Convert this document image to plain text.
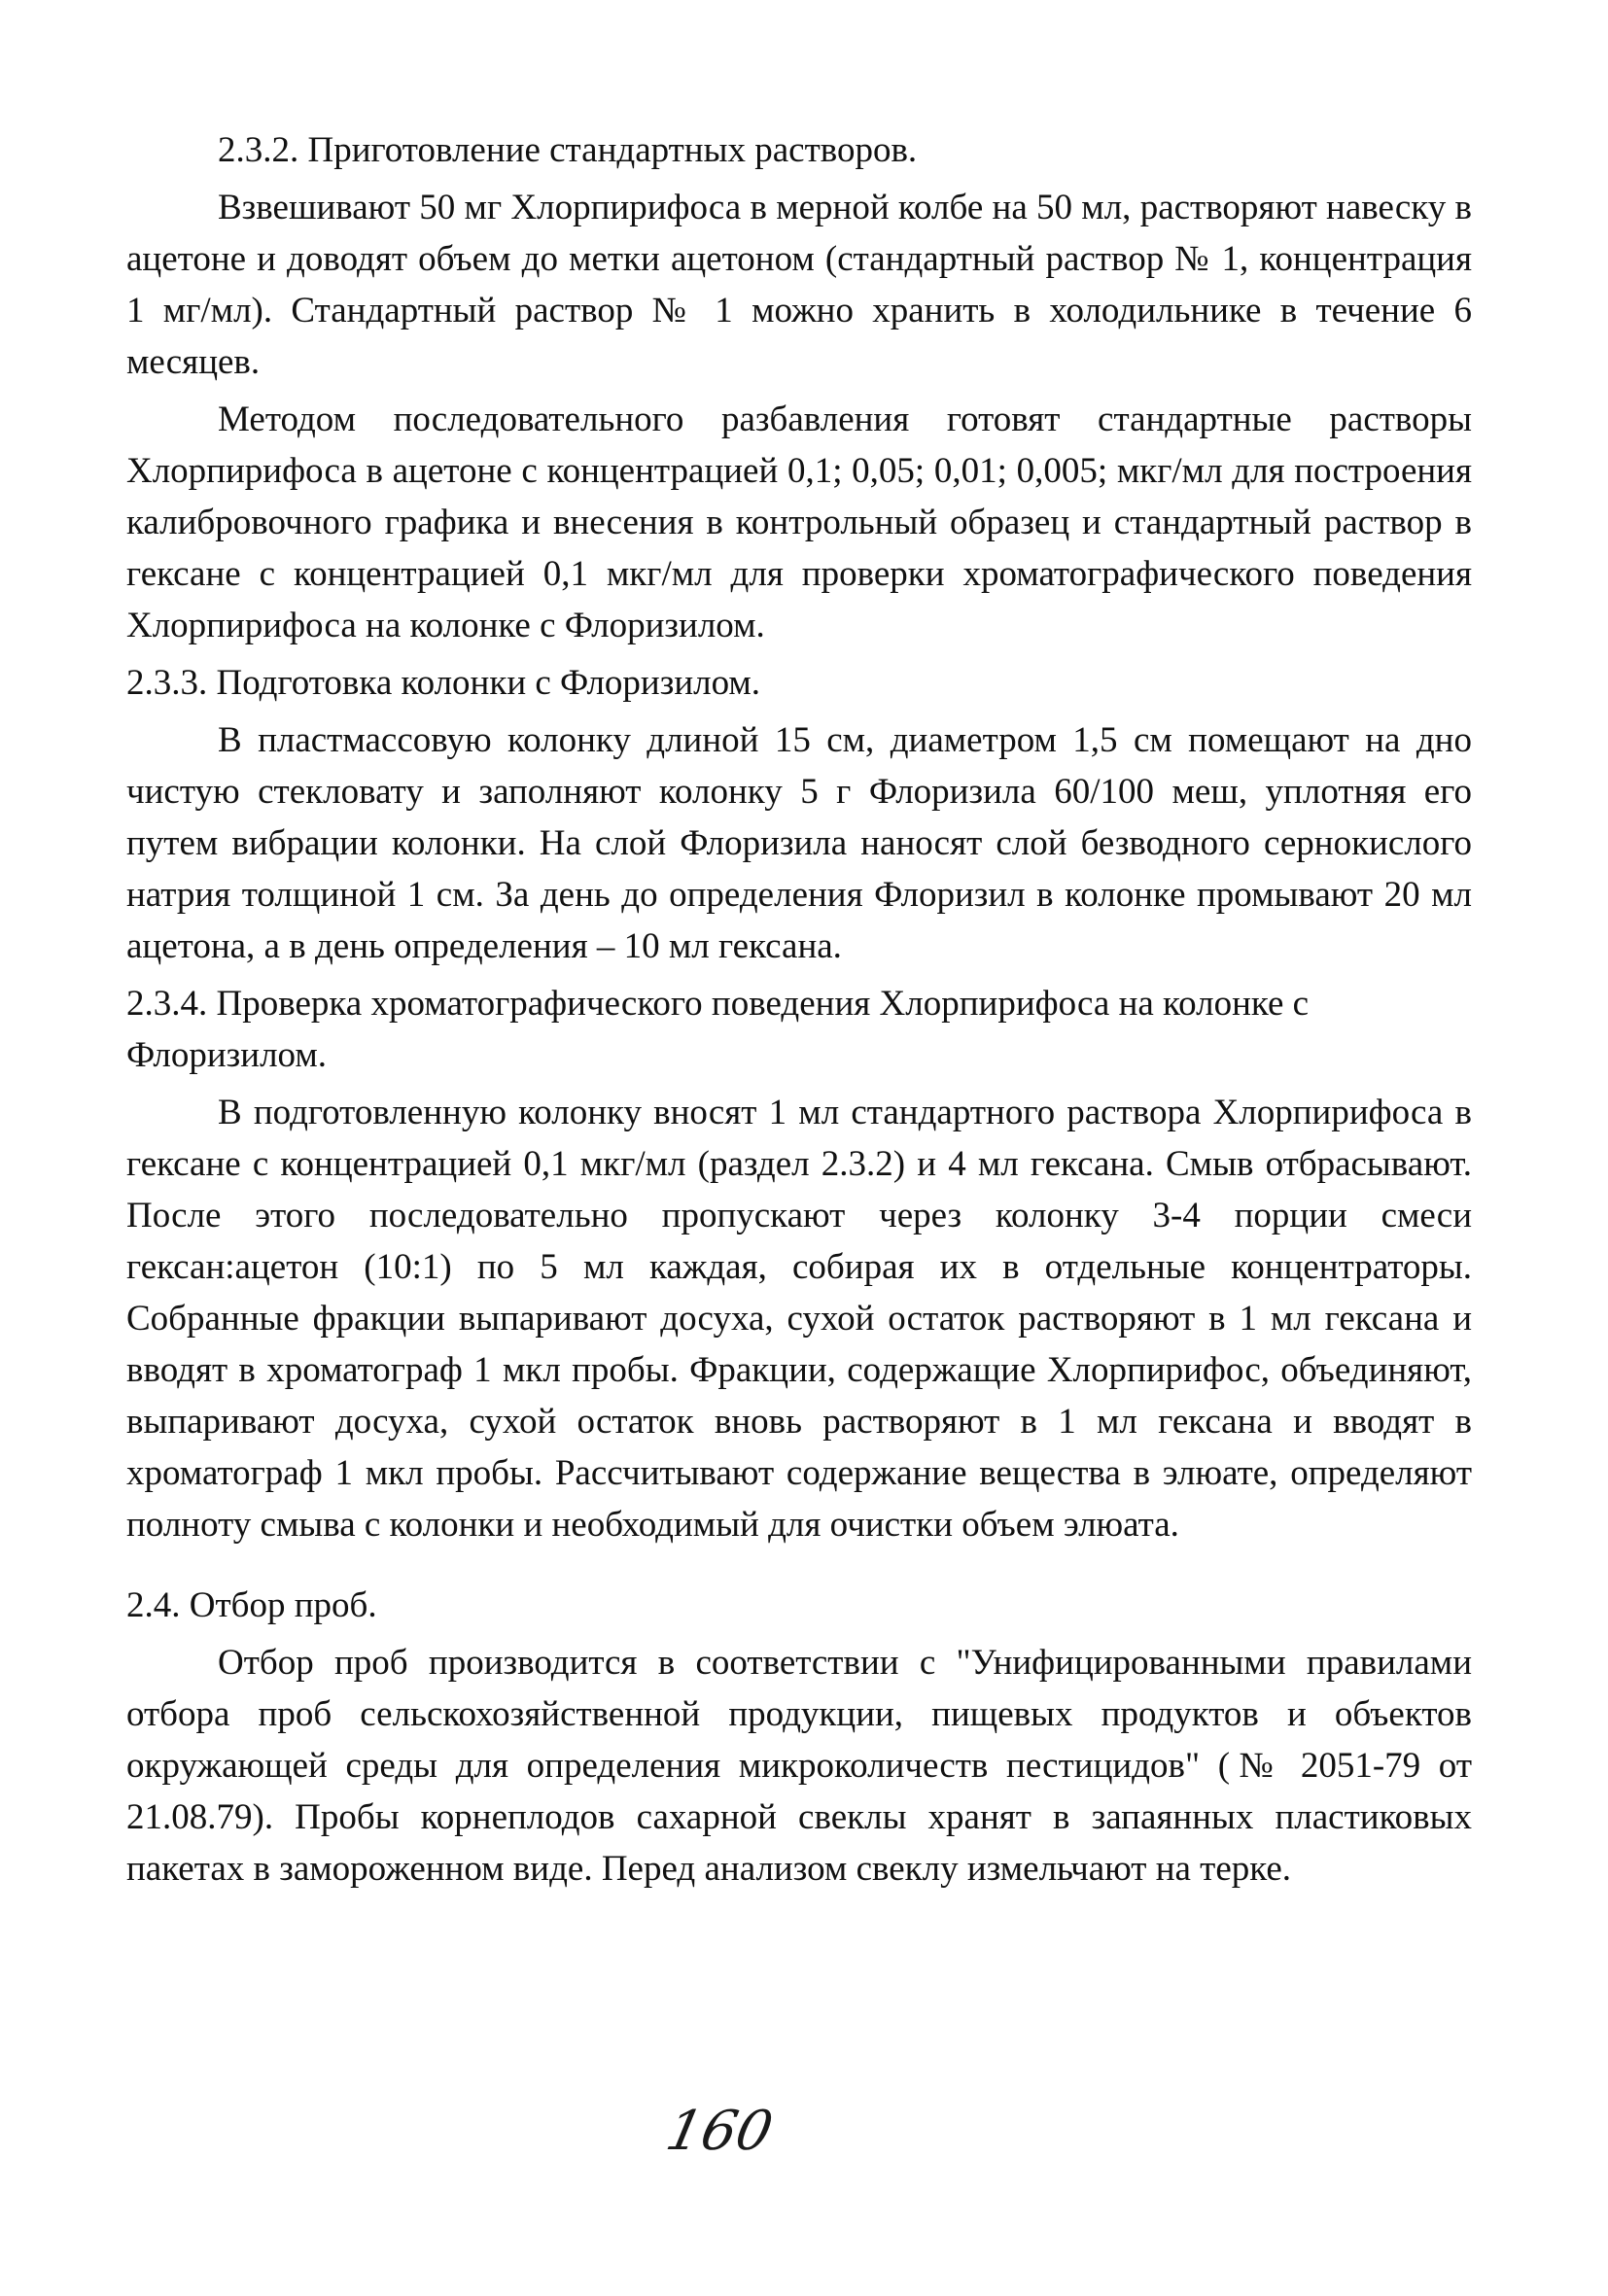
2.3.2. Приготовление стандартных растворов.

Взвешивают 50 мг Хлорпирифоса в мерной колбе на 50 мл, растворяют навеску в ацетоне и доводят объем до метки ацетоном (стандартный раствор № 1, концентрация 1 мг/мл). Стандартный раствор № 1 можно хранить в холодильнике в течение 6 месяцев.

Методом последовательного разбавления готовят стандартные растворы Хлорпирифоса в ацетоне с концентрацией 0,1; 0,05; 0,01; 0,005; мкг/мл для построения калибровочного графика и внесения в контрольный образец и стандартный раствор в гексане с концентрацией 0,1 мкг/мл для проверки хроматографического поведения Хлорпирифоса на колонке с Флоризилом.

2.3.3. Подготовка колонки с Флоризилом.

В пластмассовую колонку длиной 15 см, диаметром 1,5 см помещают на дно чистую стекловату и заполняют колонку 5 г Флоризила 60/100 меш, уплотняя его путем вибрации колонки. На слой Флоризила наносят слой безводного сернокислого натрия толщиной 1 см. За день до определения Флоризил в колонке промывают 20 мл ацетона, а в день определения – 10 мл гексана.

2.3.4. Проверка хроматографического поведения Хлорпирифоса на колонке с Флоризилом.

В подготовленную колонку вносят 1 мл стандартного раствора Хлорпирифоса в гексане с концентрацией 0,1 мкг/мл (раздел 2.3.2) и 4 мл гексана. Смыв отбрасывают. После этого последовательно пропускают через колонку 3-4 порции смеси гексан:ацетон (10:1) по 5 мл каждая, собирая их в отдельные концентраторы. Собранные фракции выпаривают досуха, сухой остаток растворяют в 1 мл гексана и вводят в хроматограф 1 мкл пробы. Фракции, содержащие Хлорпирифос, объединяют, выпаривают досуха, сухой остаток вновь растворяют в 1 мл гексана и вводят в хроматограф 1 мкл пробы. Рассчитывают содержание вещества в элюате, определяют полноту смыва с колонки и необходимый для очистки объем элюата.

2.4. Отбор проб.

Отбор проб производится в соответствии с "Унифицированными правилами отбора проб сельскохозяйственной продукции, пищевых продуктов и объектов окружающей среды для определения микроколичеств пестицидов" (№ 2051-79 от 21.08.79). Пробы корнеплодов сахарной свеклы хранят в запаянных пластиковых пакетах в замороженном виде. Перед анализом свеклу измельчают на терке.

160
